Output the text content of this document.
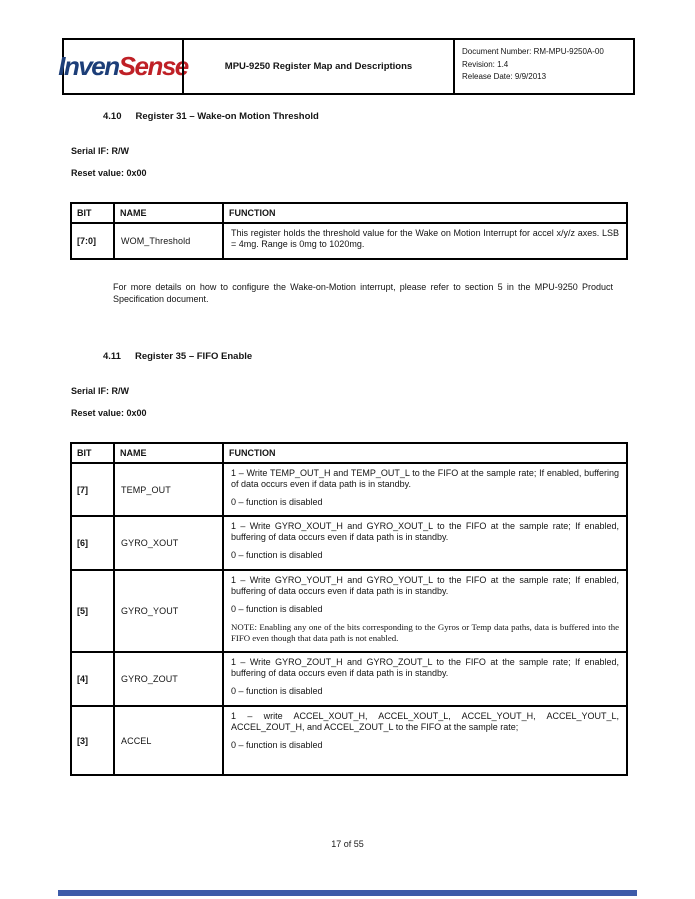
InvenSense	MPU-9250 Register Map and Descriptions
Document Number: RM-MPU-9250A-00
Revision: 1.4
Release Date: 9/9/2013
4.10 Register 31 – Wake-on Motion Threshold
Serial IF: R/W
Reset value: 0x00
BIT	NAME	FUNCTION
[7:0]	WOM_Threshold	This register holds the threshold value for the Wake on Motion Interrupt for accel x/y/z axes. LSB = 4mg. Range is 0mg to 1020mg.

For more details on how to configure the Wake-on-Motion interrupt, please refer to section 5 in the MPU-9250 Product Specification document.

4.11 Register 35 – FIFO Enable
Serial IF: R/W
Reset value: 0x00
BIT	NAME	FUNCTION
[7]	TEMP_OUT	1 – Write TEMP_OUT_H and TEMP_OUT_L to the FIFO at the sample rate; If enabled, buffering of data occurs even if data path is in standby.

0 – function is disabled

[6]	GYRO_XOUT	1 – Write GYRO_XOUT_H and GYRO_XOUT_L to the FIFO at the sample rate; If enabled, buffering of data occurs even if data path is in standby.

0 – function is disabled

[5]	GYRO_YOUT	1 – Write GYRO_YOUT_H and GYRO_YOUT_L to the FIFO at the sample rate; If enabled, buffering of data occurs even if data path is in standby.

0 – function is disabled

NOTE: Enabling any one of the bits corresponding to the Gyros or Temp data paths, data is buffered into the FIFO even though that data path is not enabled.

[4]	GYRO_ZOUT	1 – Write GYRO_ZOUT_H and GYRO_ZOUT_L to the FIFO at the sample rate; If enabled, buffering of data occurs even if data path is in standby.

0 – function is disabled

[3]	ACCEL	1 – write ACCEL_XOUT_H, ACCEL_XOUT_L, ACCEL_YOUT_H, ACCEL_YOUT_L, ACCEL_ZOUT_H, and ACCEL_ZOUT_L to the FIFO at the sample rate;

0 – function is disabled

17 of 55
